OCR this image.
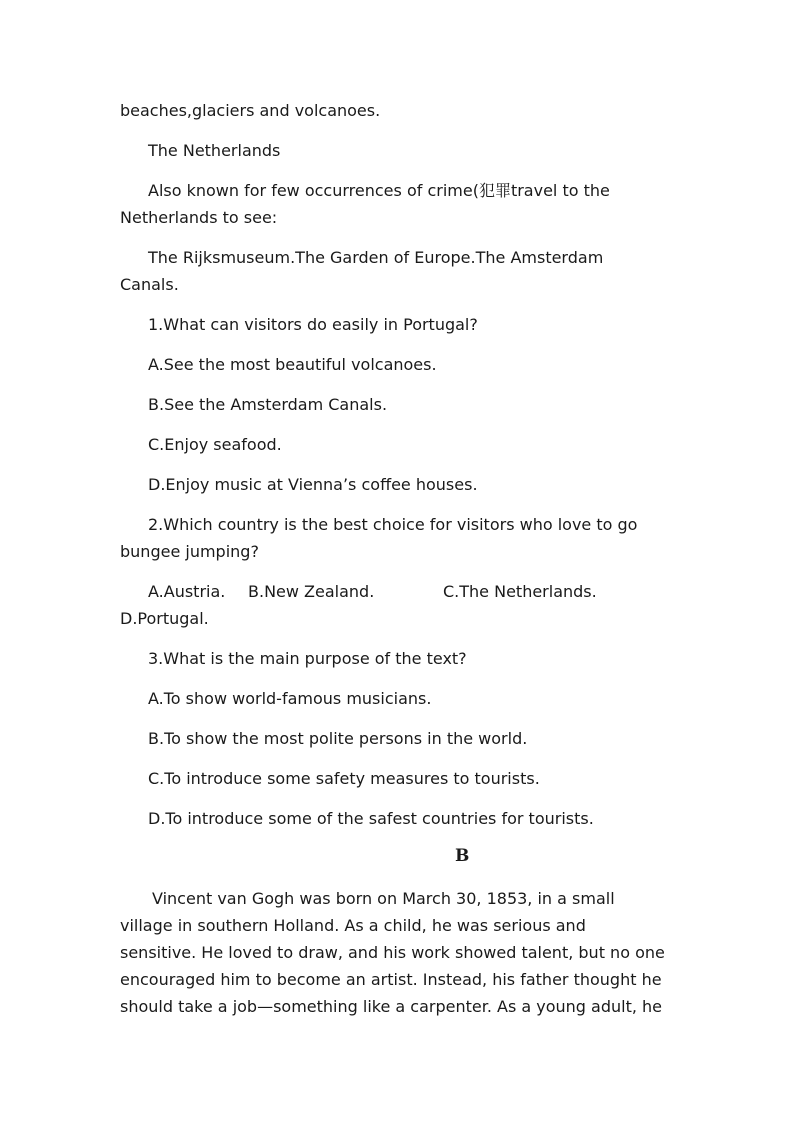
beaches,glaciers and volcanoes.
The Netherlands
Also known for few occurrences of crime(犯罪travel to the
Netherlands to see:
The Rijksmuseum.The Garden of Europe.The Amsterdam
Canals.
1.What can visitors do easily in Portugal?
A.See the most beautiful volcanoes.
B.See the Amsterdam Canals.
C.Enjoy seafood.
D.Enjoy music at Vienna’s coffee houses.
2.Which country is the best choice for visitors who love to go
bungee jumping?
A.Austria.	B.New Zealand.	C.The Netherlands.
D.Portugal.
3.What is the main purpose of the text?
A.To show world-famous musicians.
B.To show the most polite persons in the world.
C.To introduce some safety measures to tourists.
D.To introduce some of the safest countries for tourists.
B
Vincent van Gogh was born on March 30, 1853, in a small
village in southern Holland. As a child, he was serious and
sensitive. He loved to draw, and his work showed talent, but no one
encouraged him to become an artist. Instead, his father thought he
should take a job—something like a carpenter. As a young adult, he
